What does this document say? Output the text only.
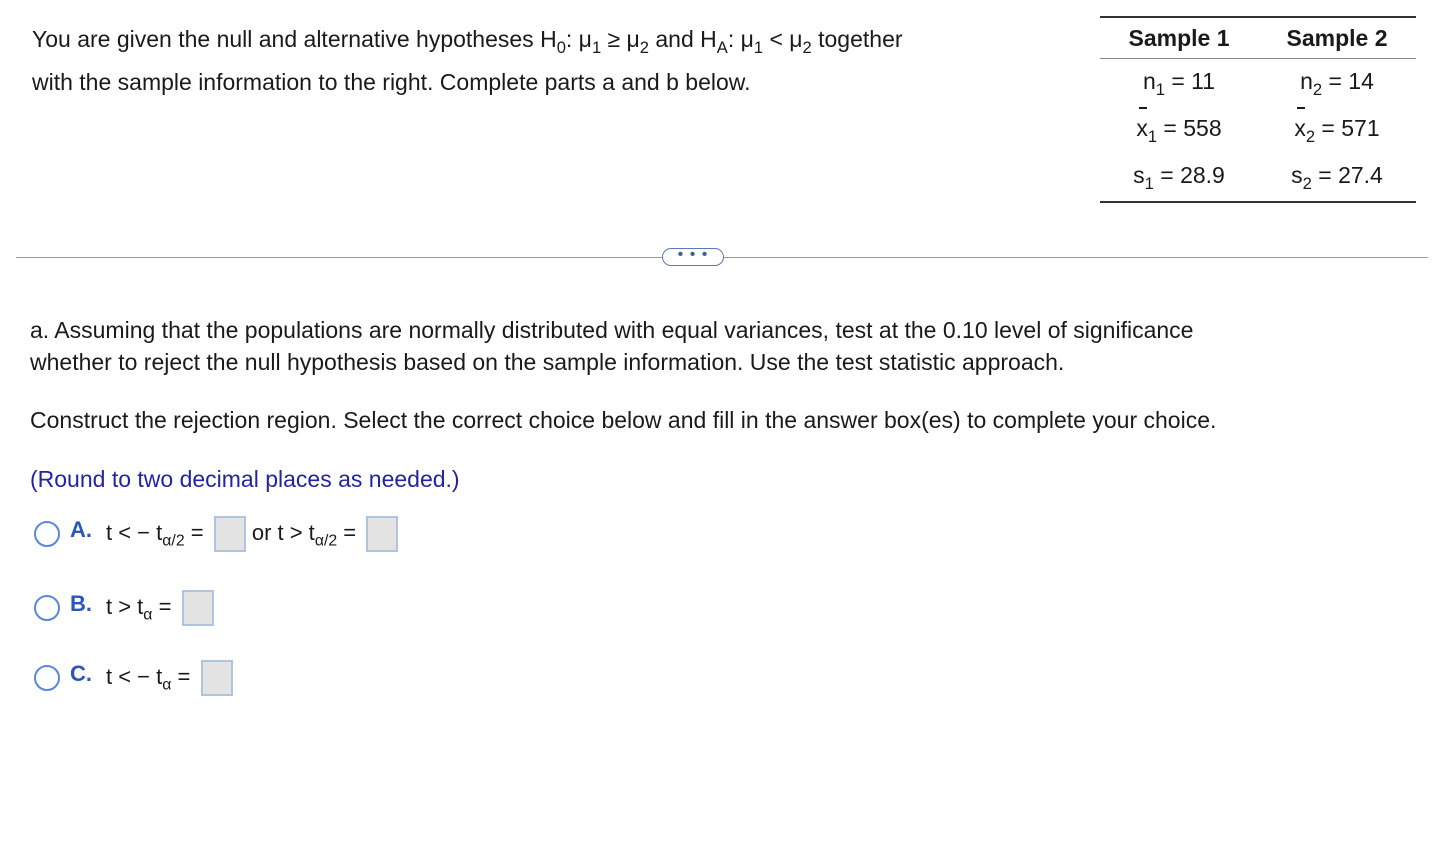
You are given the null and alternative hypotheses $H_0$: $\mu_1 \ge \mu_2$ and $H_A$: $\mu_1 < \mu_2$ together
with the sample information to the right. Complete parts a and b below.
Sample 1	Sample 2
$n_1 = 11$	$n_2 = 14$
$x_1 = 558$	$x_2 = 571$
$s_1 = 28.9$	$s_2 = 27.4$
• • •
a. Assuming that the populations are normally distributed with equal variances, test at the 0.10 level of significance
whether to reject the null hypothesis based on the sample information. Use the test statistic approach.
Construct the rejection region. Select the correct choice below and fill in the answer box(es) to complete your choice.
(Round to two decimal places as needed.)
A. t < − $t_{\alpha/2}$ =  or $t > t_{\alpha/2}$ =
B. $t > t_\alpha$ =
C. t < − $t_\alpha$ =
